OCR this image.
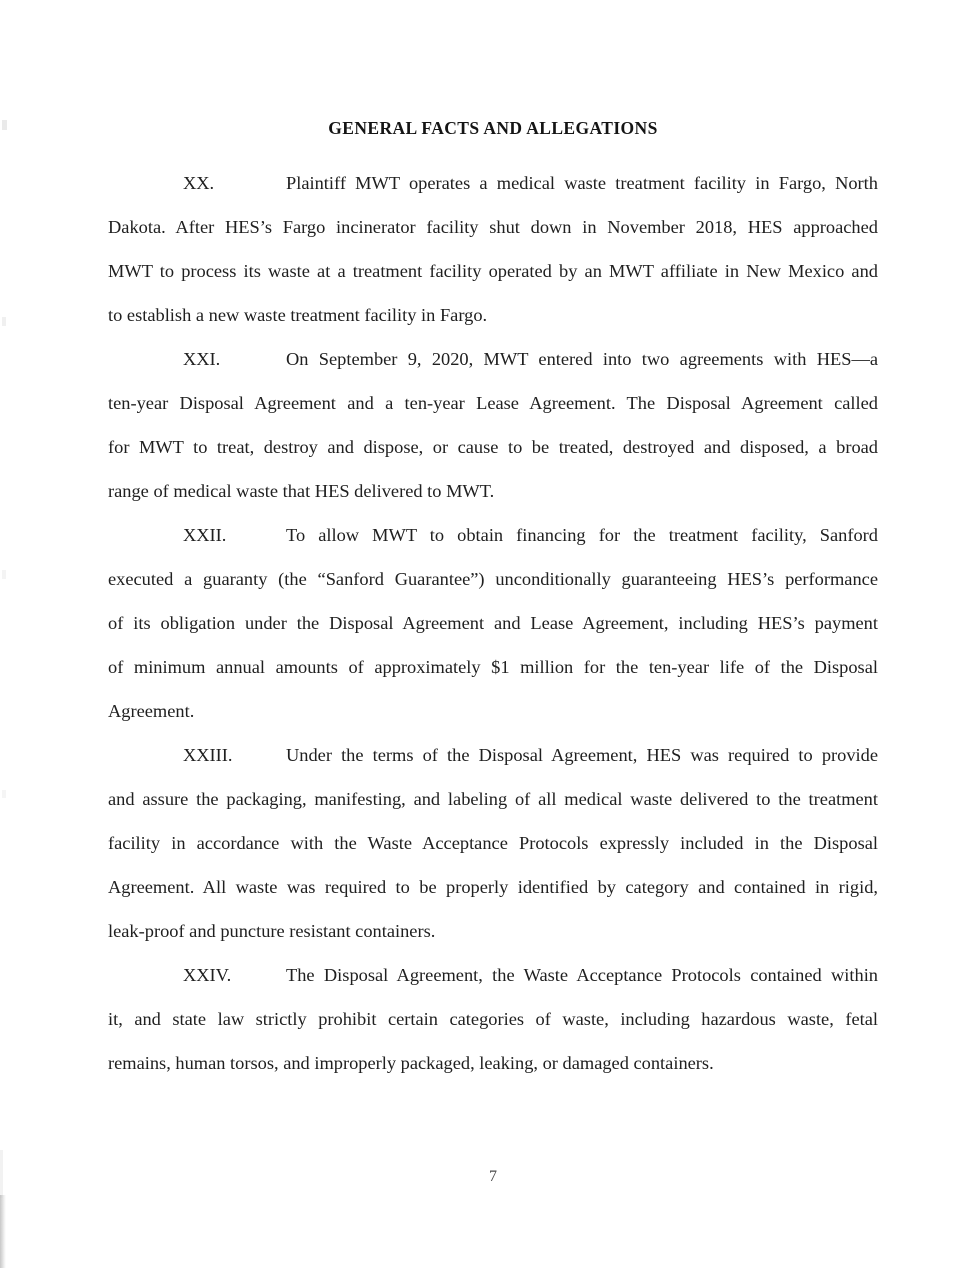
GENERAL FACTS AND ALLEGATIONS
XX.	Plaintiff MWT operates a medical waste treatment facility in Fargo, North
Dakota. After HES’s Fargo incinerator facility shut down in November 2018, HES approached
MWT to process its waste at a treatment facility operated by an MWT affiliate in New Mexico and
to establish a new waste treatment facility in Fargo.
XXI.	On September 9, 2020, MWT entered into two agreements with HES—a
ten-year Disposal Agreement and a ten-year Lease Agreement. The Disposal Agreement called
for MWT to treat, destroy and dispose, or cause to be treated, destroyed and disposed, a broad
range of medical waste that HES delivered to MWT.
XXII.	To allow MWT to obtain financing for the treatment facility, Sanford
executed a guaranty (the “Sanford Guarantee”) unconditionally guaranteeing HES’s performance
of its obligation under the Disposal Agreement and Lease Agreement, including HES’s payment
of minimum annual amounts of approximately $1 million for the ten-year life of the Disposal
Agreement.
XXIII.	Under the terms of the Disposal Agreement, HES was required to provide
and assure the packaging, manifesting, and labeling of all medical waste delivered to the treatment
facility in accordance with the Waste Acceptance Protocols expressly included in the Disposal
Agreement. All waste was required to be properly identified by category and contained in rigid,
leak-proof and puncture resistant containers.
XXIV.	The Disposal Agreement, the Waste Acceptance Protocols contained within
it, and state law strictly prohibit certain categories of waste, including hazardous waste, fetal
remains, human torsos, and improperly packaged, leaking, or damaged containers.
7
